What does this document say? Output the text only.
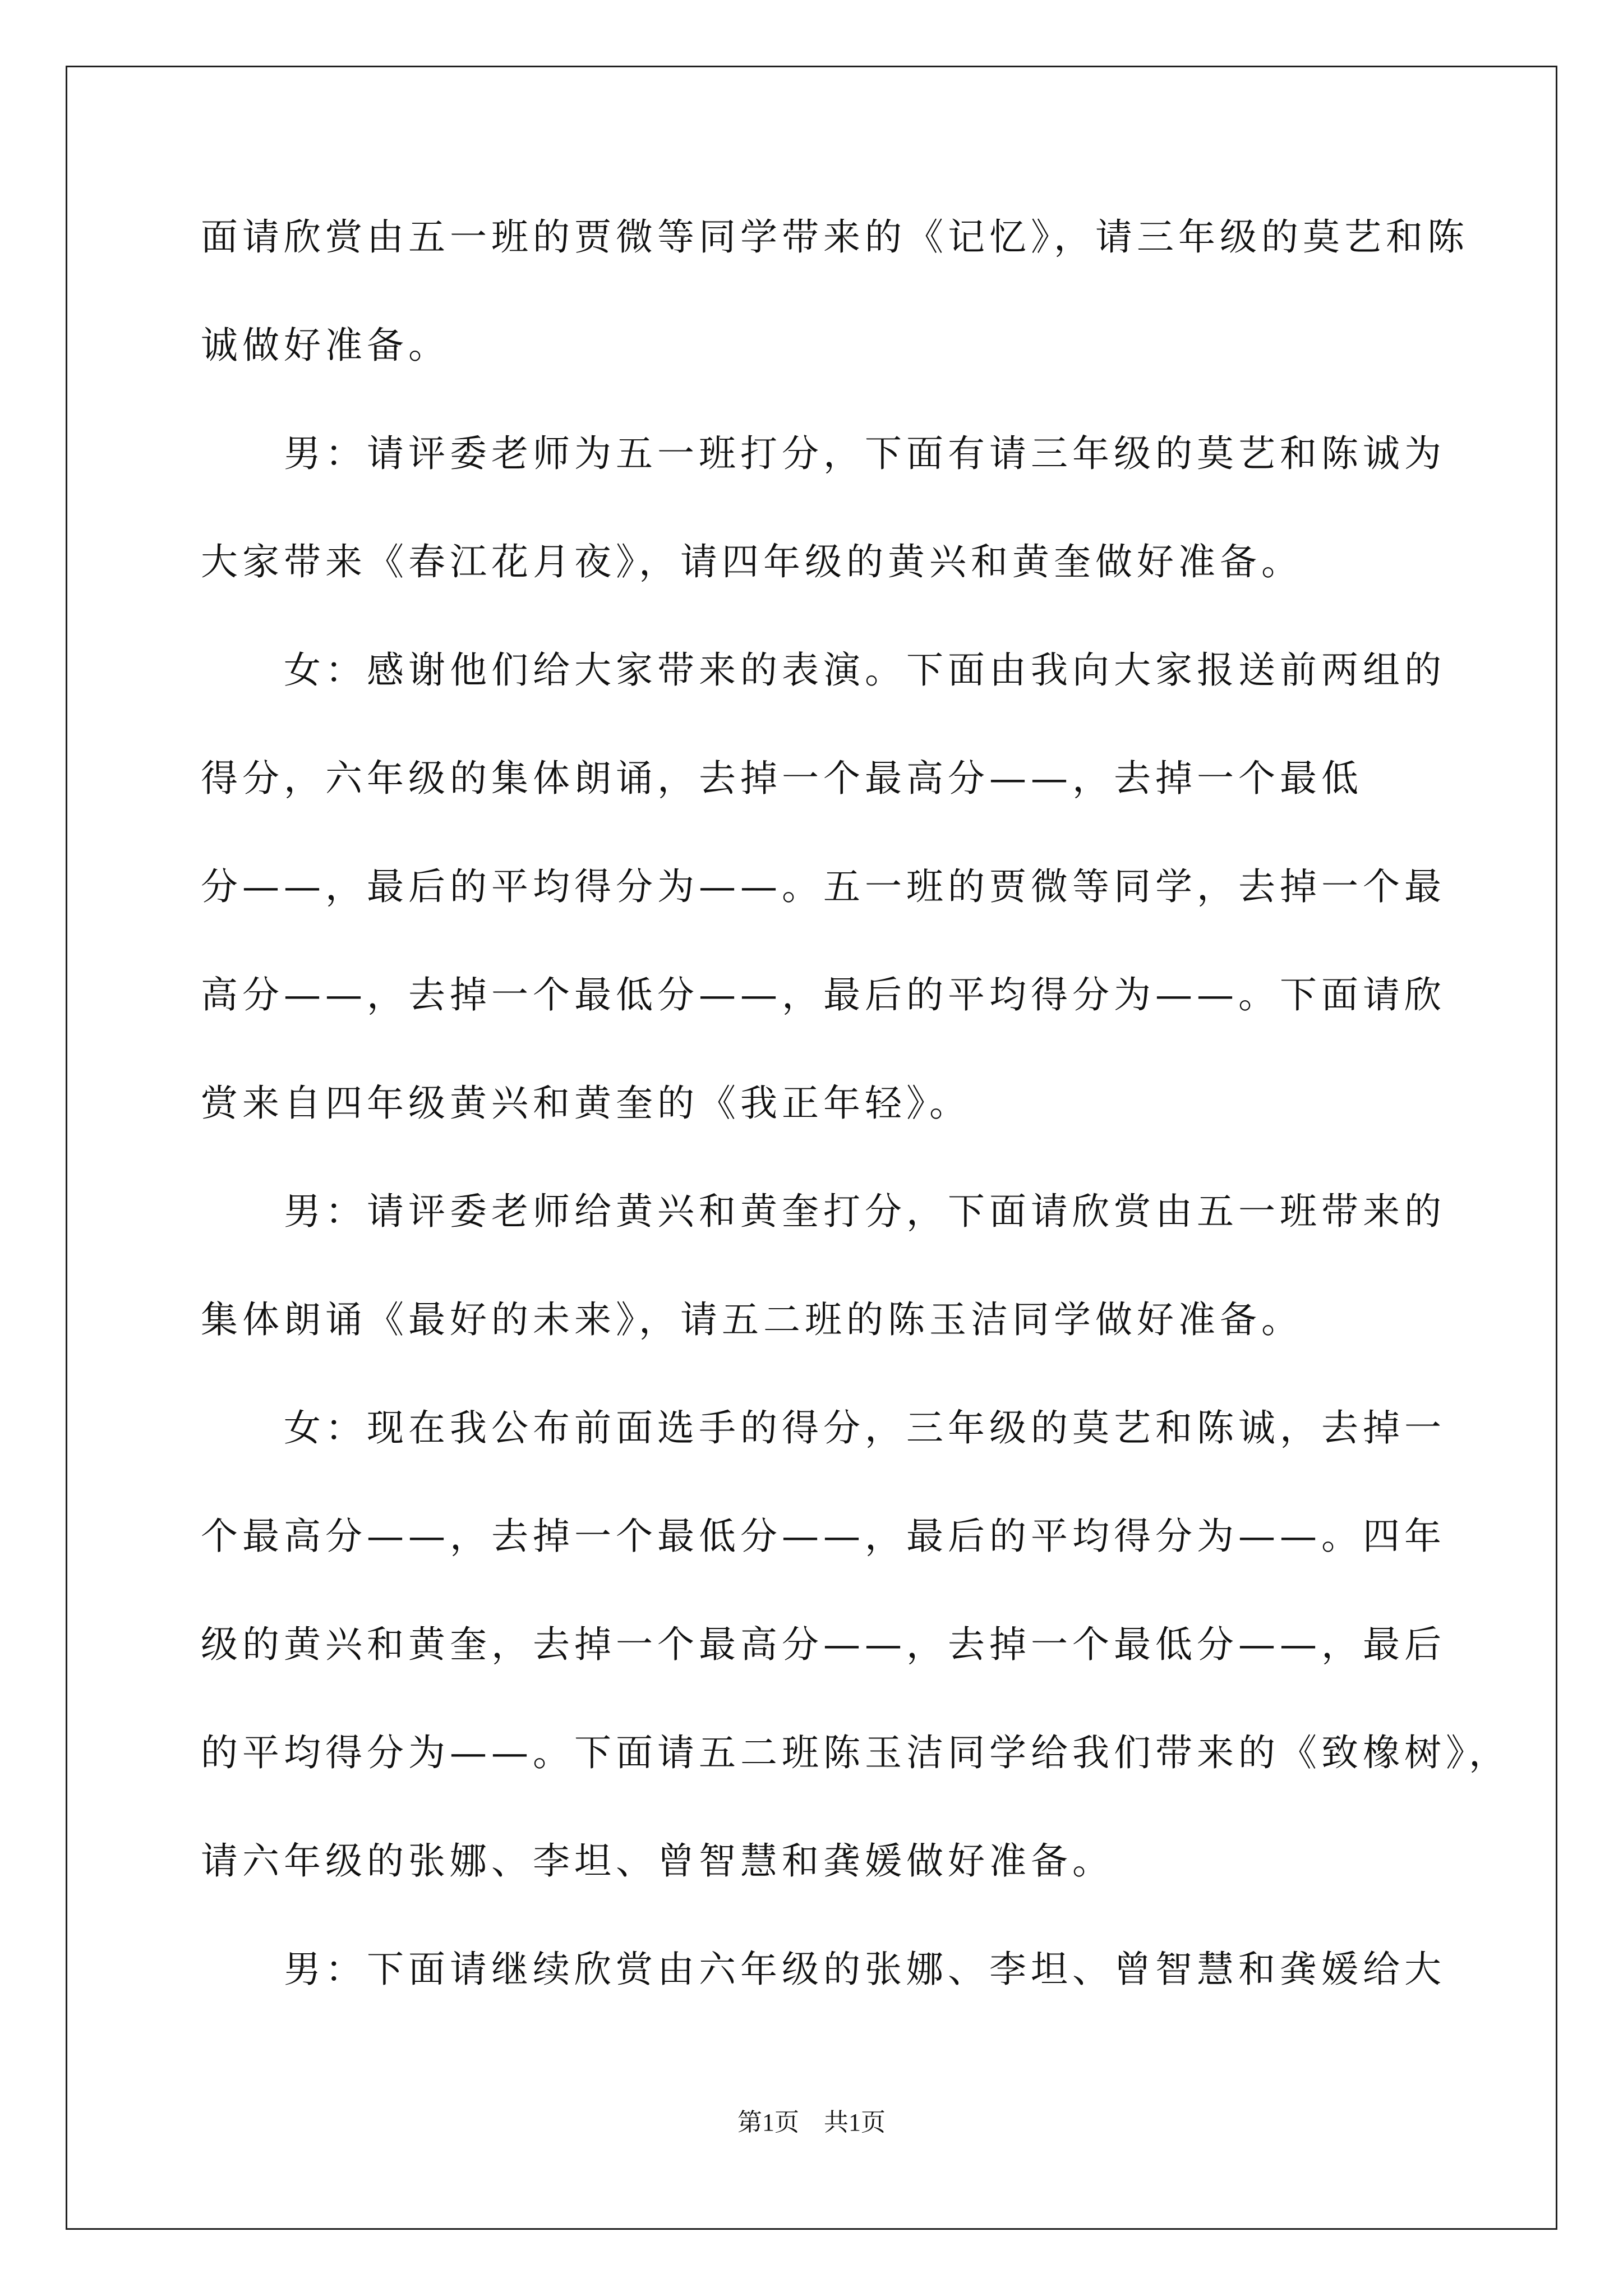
面请欣赏由五一班的贾微等同学带来的《记忆》，请三年级的莫艺和陈
诚做好准备。
　　男：请评委老师为五一班打分，下面有请三年级的莫艺和陈诚为
大家带来《春江花月夜》，请四年级的黄兴和黄奎做好准备。
　　女：感谢他们给大家带来的表演。下面由我向大家报送前两组的
得分，六年级的集体朗诵，去掉一个最高分——，去掉一个最低
分——，最后的平均得分为——。五一班的贾微等同学，去掉一个最
高分——，去掉一个最低分——，最后的平均得分为——。下面请欣
赏来自四年级黄兴和黄奎的《我正年轻》。
　　男：请评委老师给黄兴和黄奎打分，下面请欣赏由五一班带来的
集体朗诵《最好的未来》，请五二班的陈玉洁同学做好准备。
　　女：现在我公布前面选手的得分，三年级的莫艺和陈诚，去掉一
个最高分——，去掉一个最低分——，最后的平均得分为——。四年
级的黄兴和黄奎，去掉一个最高分——，去掉一个最低分——，最后
的平均得分为——。下面请五二班陈玉洁同学给我们带来的《致橡树》，
请六年级的张娜、李坦、曾智慧和龚媛做好准备。
　　男：下面请继续欣赏由六年级的张娜、李坦、曾智慧和龚媛给大
第1页　共1页
